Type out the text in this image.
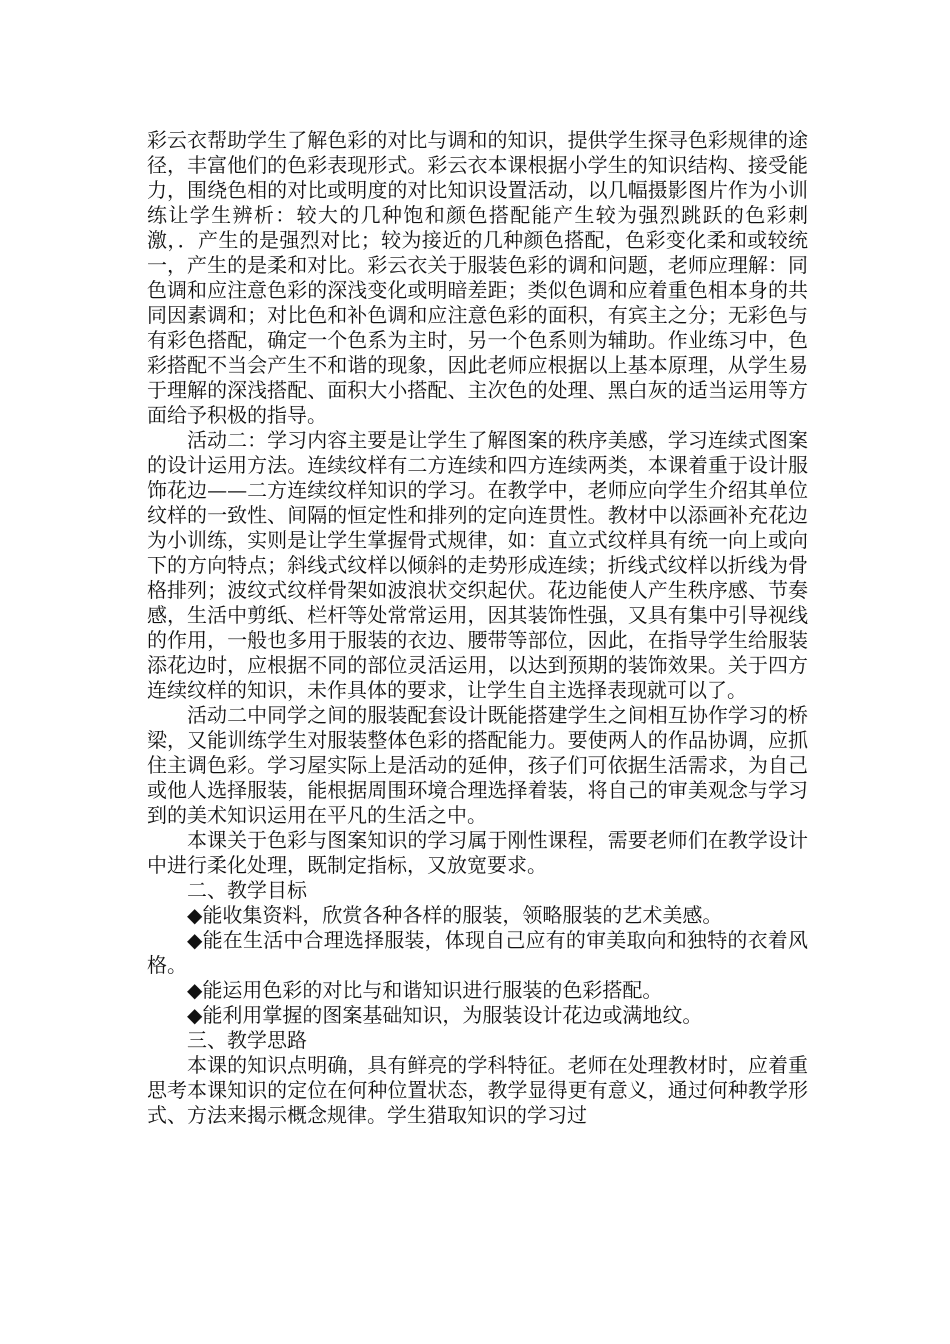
彩云衣帮助学生了解色彩的对比与调和的知识，提供学生探寻色彩规律的途径，丰富他们的色彩表现形式。彩云衣本课根据小学生的知识结构、接受能力，围绕色相的对比或明度的对比知识设置活动，以几幅摄影图片作为小训练让学生辨析：较大的几种饱和颜色搭配能产生较为强烈跳跃的色彩刺激，．产生的是强烈对比；较为接近的几种颜色搭配，色彩变化柔和或较统一，产生的是柔和对比。彩云衣关于服装色彩的调和问题，老师应理解：同色调和应注意色彩的深浅变化或明暗差距；类似色调和应着重色相本身的共同因素调和；对比色和补色调和应注意色彩的面积，有宾主之分；无彩色与有彩色搭配，确定一个色系为主时，另一个色系则为辅助。作业练习中，色彩搭配不当会产生不和谐的现象，因此老师应根据以上基本原理，从学生易于理解的深浅搭配、面积大小搭配、主次色的处理、黑白灰的适当运用等方面给予积极的指导。

活动二：学习内容主要是让学生了解图案的秩序美感，学习连续式图案的设计运用方法。连续纹样有二方连续和四方连续两类，本课着重于设计服饰花边——二方连续纹样知识的学习。在教学中，老师应向学生介绍其单位纹样的一致性、间隔的恒定性和排列的定向连贯性。教材中以添画补充花边为小训练，实则是让学生掌握骨式规律，如：直立式纹样具有统一向上或向下的方向特点；斜线式纹样以倾斜的走势形成连续；折线式纹样以折线为骨格排列；波纹式纹样骨架如波浪状交织起伏。花边能使人产生秩序感、节奏感，生活中剪纸、栏杆等处常常运用，因其装饰性强，又具有集中引导视线的作用，一般也多用于服装的衣边、腰带等部位，因此，在指导学生给服装添花边时，应根据不同的部位灵活运用，以达到预期的装饰效果。关于四方连续纹样的知识，未作具体的要求，让学生自主选择表现就可以了。

活动二中同学之间的服装配套设计既能搭建学生之间相互协作学习的桥梁，又能训练学生对服装整体色彩的搭配能力。要使两人的作品协调，应抓住主调色彩。学习屋实际上是活动的延伸，孩子们可依据生活需求，为自己或他人选择服装，能根据周围环境合理选择着装，将自己的审美观念与学习到的美术知识运用在平凡的生活之中。

本课关于色彩与图案知识的学习属于刚性课程，需要老师们在教学设计中进行柔化处理，既制定指标，又放宽要求。

二、教学目标

◆能收集资料，欣赏各种各样的服装，领略服装的艺术美感。

◆能在生活中合理选择服装，体现自己应有的审美取向和独特的衣着风格。

◆能运用色彩的对比与和谐知识进行服装的色彩搭配。

◆能利用掌握的图案基础知识，为服装设计花边或满地纹。

三、教学思路

本课的知识点明确，具有鲜亮的学科特征。老师在处理教材时，应着重思考本课知识的定位在何种位置状态，教学显得更有意义，通过何种教学形式、方法来揭示概念规律。学生猎取知识的学习过
